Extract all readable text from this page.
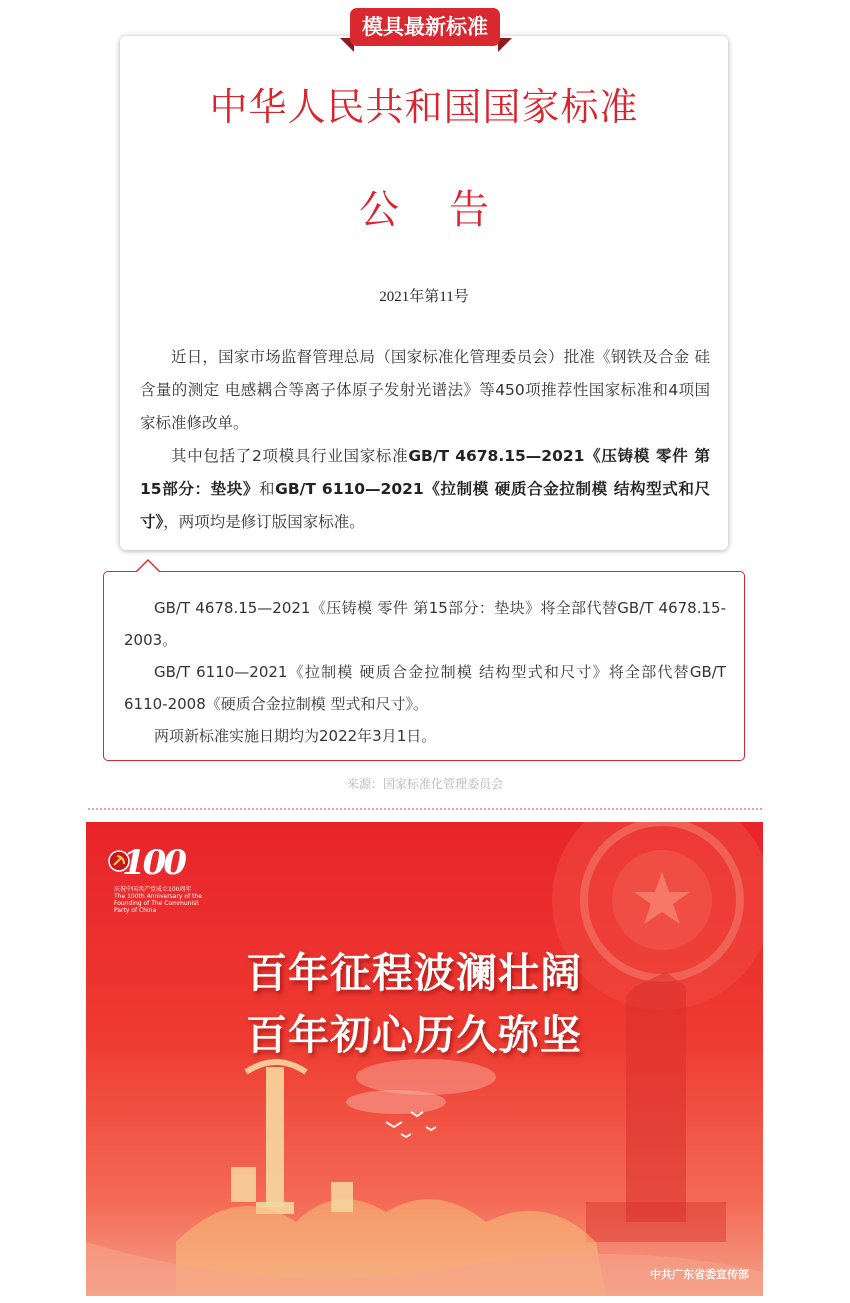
模具最新标准
中华人民共和国国家标准
公告
2021年第11号

近日，国家市场监督管理总局（国家标准化管理委员会）批准《钢铁及合金 硅含量的测定 电感耦合等离子体原子发射光谱法》等450项推荐性国家标准和4项国家标准修改单。

其中包括了2项模具行业国家标准GB/T 4678.15—2021《压铸模 零件 第15部分：垫块》和GB/T 6110—2021《拉制模 硬质合金拉制模 结构型式和尺寸》，两项均是修订版国家标准。

GB/T 4678.15—2021《压铸模 零件 第15部分：垫块》将全部代替GB/T 4678.15-2003。

GB/T 6110—2021《拉制模 硬质合金拉制模 结构型式和尺寸》将全部代替GB/T 6110-2008《硬质合金拉制模 型式和尺寸》。

两项新标准实施日期均为2022年3月1日。

来源：国家标准化管理委员会
100
庆祝中国共产党成立100周年 The 100th Anniversary of the Founding of The Communist Party of China
百年征程波澜壮阔
百年初心历久弥坚
中共广东省委宣传部
